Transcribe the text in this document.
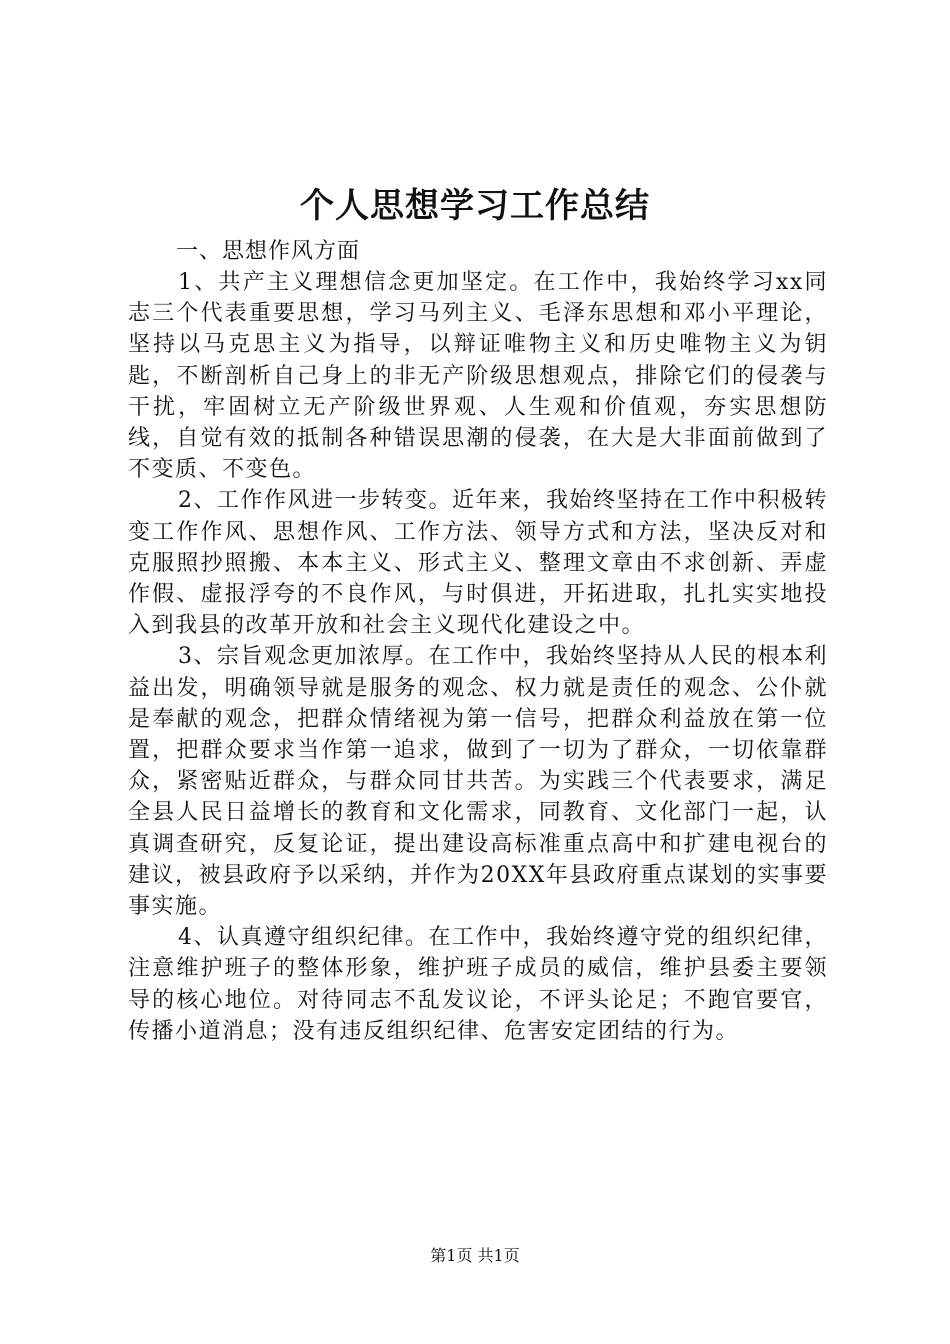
个人思想学习工作总结

一、思想作风方面

1、共产主义理想信念更加坚定。在工作中，我始终学习xx同志三个代表重要思想，学习马列主义、毛泽东思想和邓小平理论，坚持以马克思主义为指导，以辩证唯物主义和历史唯物主义为钥匙，不断剖析自己身上的非无产阶级思想观点，排除它们的侵袭与干扰，牢固树立无产阶级世界观、人生观和价值观，夯实思想防线，自觉有效的抵制各种错误思潮的侵袭，在大是大非面前做到了不变质、不变色。

2、工作作风进一步转变。近年来，我始终坚持在工作中积极转变工作作风、思想作风、工作方法、领导方式和方法，坚决反对和克服照抄照搬、本本主义、形式主义、整理文章由不求创新、弄虚作假、虚报浮夸的不良作风，与时俱进，开拓进取，扎扎实实地投入到我县的改革开放和社会主义现代化建设之中。

3、宗旨观念更加浓厚。在工作中，我始终坚持从人民的根本利益出发，明确领导就是服务的观念、权力就是责任的观念、公仆就是奉献的观念，把群众情绪视为第一信号，把群众利益放在第一位置，把群众要求当作第一追求，做到了一切为了群众，一切依靠群众，紧密贴近群众，与群众同甘共苦。为实践三个代表要求，满足全县人民日益增长的教育和文化需求，同教育、文化部门一起，认真调查研究，反复论证，提出建设高标准重点高中和扩建电视台的建议，被县政府予以采纳，并作为20XX年县政府重点谋划的实事要事实施。

4、认真遵守组织纪律。在工作中，我始终遵守党的组织纪律，注意维护班子的整体形象，维护班子成员的威信，维护县委主要领导的核心地位。对待同志不乱发议论，不评头论足；不跑官要官，传播小道消息；没有违反组织纪律、危害安定团结的行为。

第1页 共1页
